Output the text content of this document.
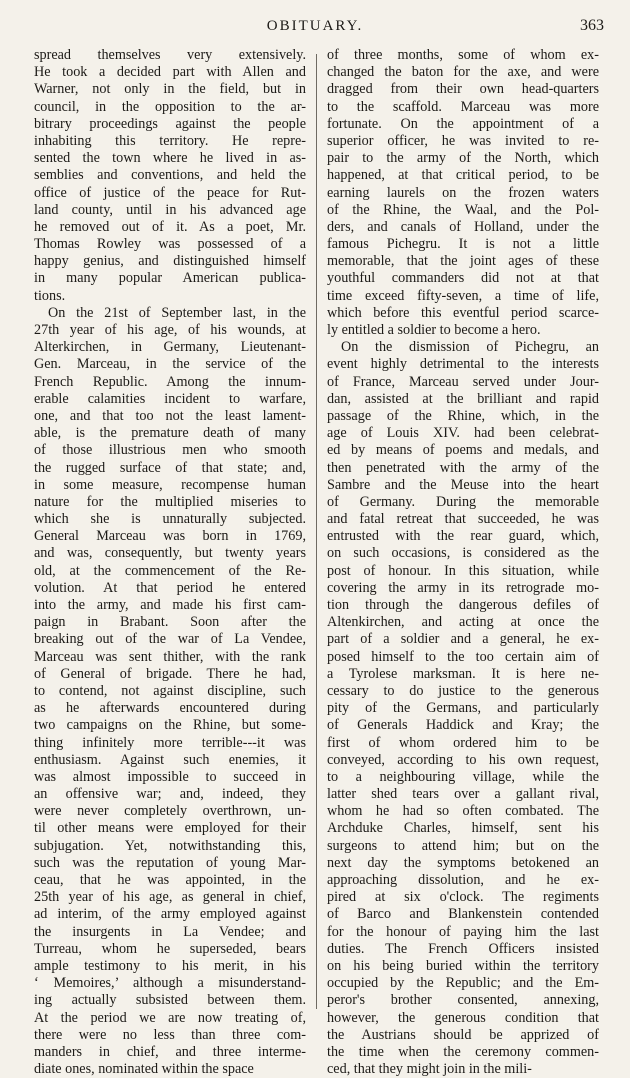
OBITUARY.	363
spread themselves very extensively.
He took a decided part with Allen and
Warner, not only in the field, but in
council, in the opposition to the ar-
bitrary proceedings against the people
inhabiting this territory. He repre-
sented the town where he lived in as-
semblies and conventions, and held the
office of justice of the peace for Rut-
land county, until in his advanced age
he removed out of it. As a poet, Mr.
Thomas Rowley was possessed of a
happy genius, and distinguished himself
in many popular American publica-
tions.
On the 21st of September last, in the
27th year of his age, of his wounds, at
Alterkirchen, in Germany, Lieutenant-
Gen. Marceau, in the service of the
French Republic. Among the innum-
erable calamities incident to warfare,
one, and that too not the least lament-
able, is the premature death of many
of those illustrious men who smooth
the rugged surface of that state; and,
in some measure, recompense human
nature for the multiplied miseries to
which she is unnaturally subjected.
General Marceau was born in 1769,
and was, consequently, but twenty years
old, at the commencement of the Re-
volution. At that period he entered
into the army, and made his first cam-
paign in Brabant. Soon after the
breaking out of the war of La Vendee,
Marceau was sent thither, with the rank
of General of brigade. There he had,
to contend, not against discipline, such
as he afterwards encountered during
two campaigns on the Rhine, but some-
thing infinitely more terrible---it was
enthusiasm. Against such enemies, it
was almost impossible to succeed in
an offensive war; and, indeed, they
were never completely overthrown, un-
til other means were employed for their
subjugation. Yet, notwithstanding this,
such was the reputation of young Mar-
ceau, that he was appointed, in the
25th year of his age, as general in chief,
ad interim, of the army employed against
the insurgents in La Vendee; and
Turreau, whom he superseded, bears
ample testimony to his merit, in his
‘ Memoires,’ although a misunderstand-
ing actually subsisted between them.
At the period we are now treating of,
there were no less than three com-
manders in chief, and three interme-
diate ones, nominated within the space
of three months, some of whom ex-
changed the baton for the axe, and were
dragged from their own head-quarters
to the scaffold. Marceau was more
fortunate. On the appointment of a
superior officer, he was invited to re-
pair to the army of the North, which
happened, at that critical period, to be
earning laurels on the frozen waters
of the Rhine, the Waal, and the Pol-
ders, and canals of Holland, under the
famous Pichegru. It is not a little
memorable, that the joint ages of these
youthful commanders did not at that
time exceed fifty-seven, a time of life,
which before this eventful period scarce-
ly entitled a soldier to become a hero.
On the dismission of Pichegru, an
event highly detrimental to the interests
of France, Marceau served under Jour-
dan, assisted at the brilliant and rapid
passage of the Rhine, which, in the
age of Louis XIV. had been celebrat-
ed by means of poems and medals, and
then penetrated with the army of the
Sambre and the Meuse into the heart
of Germany. During the memorable
and fatal retreat that succeeded, he was
entrusted with the rear guard, which,
on such occasions, is considered as the
post of honour. In this situation, while
covering the army in its retrograde mo-
tion through the dangerous defiles of
Altenkirchen, and acting at once the
part of a soldier and a general, he ex-
posed himself to the too certain aim of
a Tyrolese marksman. It is here ne-
cessary to do justice to the generous
pity of the Germans, and particularly
of Generals Haddick and Kray; the
first of whom ordered him to be
conveyed, according to his own request,
to a neighbouring village, while the
latter shed tears over a gallant rival,
whom he had so often combated. The
Archduke Charles, himself, sent his
surgeons to attend him; but on the
next day the symptoms betokened an
approaching dissolution, and he ex-
pired at six o'clock. The regiments
of Barco and Blankenstein contended
for the honour of paying him the last
duties. The French Officers insisted
on his being buried within the territory
occupied by the Republic; and the Em-
peror's brother consented, annexing,
however, the generous condition that
the Austrians should be apprized of
the time when the ceremony commen-
ced, that they might join in the mili-
